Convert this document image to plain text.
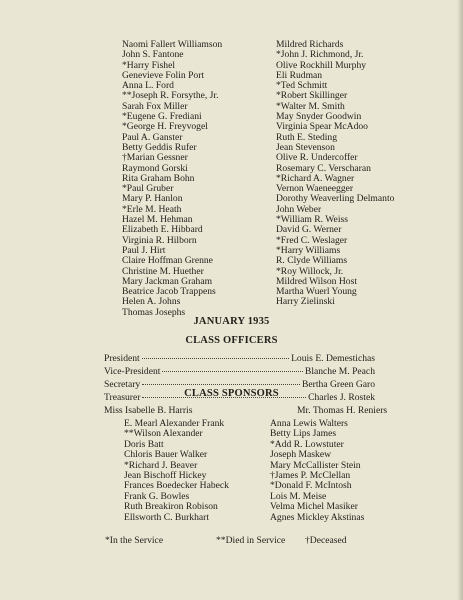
Naomi Fallert Williamson
John S. Fantone
*Harry Fishel
Genevieve Folin Port
Anna L. Ford
**Joseph R. Forsythe, Jr.
Sarah Fox Miller
*Eugene G. Frediani
*George H. Freyvogel
Paul A. Ganster
Betty Geddis Rufer
†Marian Gessner
Raymond Gorski
Rita Graham Bohn
*Paul Gruber
Mary P. Hanlon
*Erle M. Heath
Hazel M. Hehman
Elizabeth E. Hibbard
Virginia R. Hilborn
Paul J. Hirt
Claire Hoffman Grenne
Christine M. Huether
Mary Jackman Graham
Beatrice Jacob Trappens
Helen A. Johns
Thomas Josephs
Mildred Richards
*John J. Richmond, Jr.
Olive Rockhill Murphy
Eli Rudman
*Ted Schmitt
*Robert Skillinger
*Walter M. Smith
May Snyder Goodwin
Virginia Spear McAdoo
Ruth E. Steding
Jean Stevenson
Olive R. Undercoffer
Rosemary C. Verscharan
*Richard A. Wagner
Vernon Waeneegger
Dorothy Weaverling Delmanto
John Weber
*William R. Weiss
David G. Werner
*Fred C. Weslager
*Harry Williams
R. Clyde Williams
*Roy Willock, Jr.
Mildred Wilson Host
Martha Wuerl Young
Harry Zielinski
JANUARY 1935
CLASS OFFICERS
President	Louis E. Demestichas
Vice-President	Blanche M. Peach
Secretary	Bertha Green Garo
Treasurer	Charles J. Rostek
CLASS SPONSORS
Miss Isabelle B. Harris	Mr. Thomas H. Reniers
E. Mearl Alexander Frank
**Wilson Alexander
Doris Batt
Chloris Bauer Walker
*Richard J. Beaver
Jean Bischoff Hickey
Frances Boedecker Habeck
Frank G. Bowles
Ruth Breakiron Robison
Ellsworth C. Burkhart
Anna Lewis Walters
Betty Lips James
*Add R. Lowstuter
Joseph Maskew
Mary McCallister Stein
†James P. McClellan
*Donald F. McIntosh
Lois M. Meise
Velma Michel Masiker
Agnes Mickley Akstinas
*In the Service	**Died in Service †Deceased
